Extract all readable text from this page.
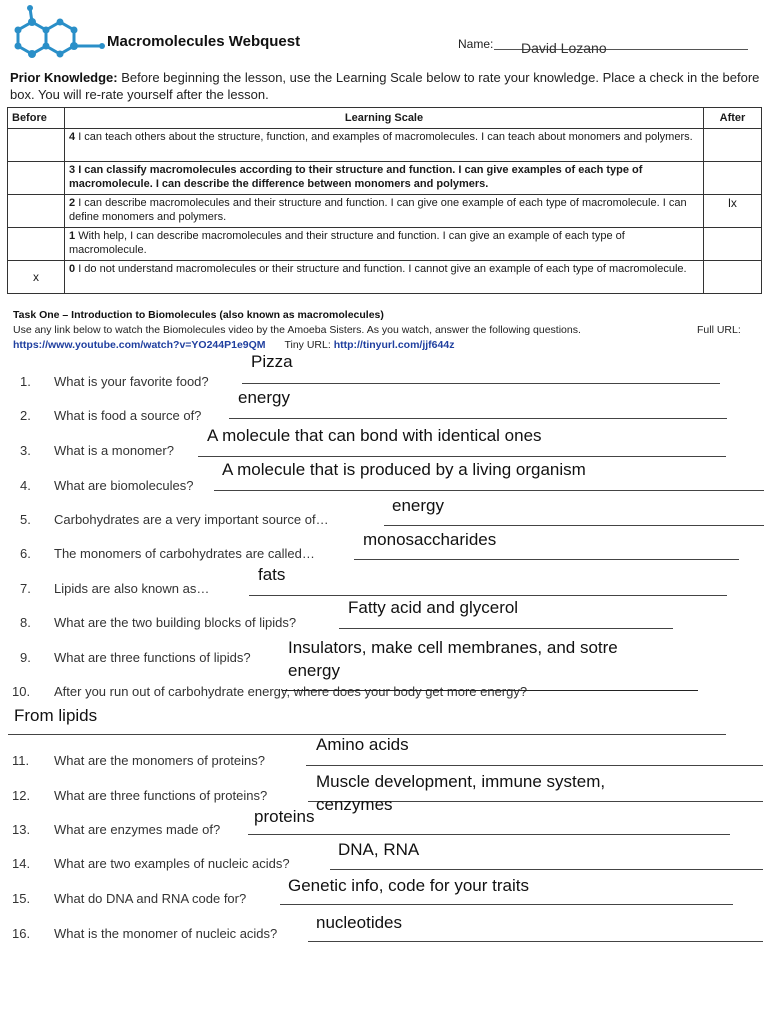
Macromolecules Webquest	Name: David Lozano
Prior Knowledge: Before beginning the lesson, use the Learning Scale below to rate your knowledge. Place a check in the before box. You will re-rate yourself after the lesson.
Before	Learning Scale	After
	4 I can teach others about the structure, function, and examples of macromolecules. I can teach about monomers and polymers.	
	3 I can classify macromolecules according to their structure and function. I can give examples of each type of macromolecule. I can describe the difference between monomers and polymers.	
	2 I can describe macromolecules and their structure and function. I can give one example of each type of macromolecule. I can define monomers and polymers.	lx
	1 With help, I can describe macromolecules and their structure and function. I can give an example of each type of macromolecule.	
x	0 I do not understand macromolecules or their structure and function. I cannot give an example of each type of macromolecule.	
Task One – Introduction to Biomolecules (also known as macromolecules)
Use any link below to watch the Biomolecules video by the Amoeba Sisters. As you watch, answer the following questions.	Full URL:
https://www.youtube.com/watch?v=YO244P1e9QM Tiny URL: http://tinyurl.com/jjf644z
1. What is your favorite food?
Pizza
2. What is food a source of?
energy
3. What is a monomer?
A molecule that can bond with identical ones
4. What are biomolecules?
A molecule that is produced by a living organism
5. Carbohydrates are a very important source of…
energy
6. The monomers of carbohydrates are called…
monosaccharides
7. Lipids are also known as…
fats
8. What are the two building blocks of lipids?
Fatty acid and glycerol
9. What are three functions of lipids?
Insulators, make cell membranes, and sotre
energy
10. After you run out of carbohydrate energy, where does your body get more energy?
From lipids
11. What are the monomers of proteins?
Amino acids
12. What are three functions of proteins?
Muscle development, immune system,
cenzymes
13. What are enzymes made of?
proteins
14. What are two examples of nucleic acids?
DNA, RNA
15. What do DNA and RNA code for?
Genetic info, code for your traits
16. What is the monomer of nucleic acids?
nucleotides
